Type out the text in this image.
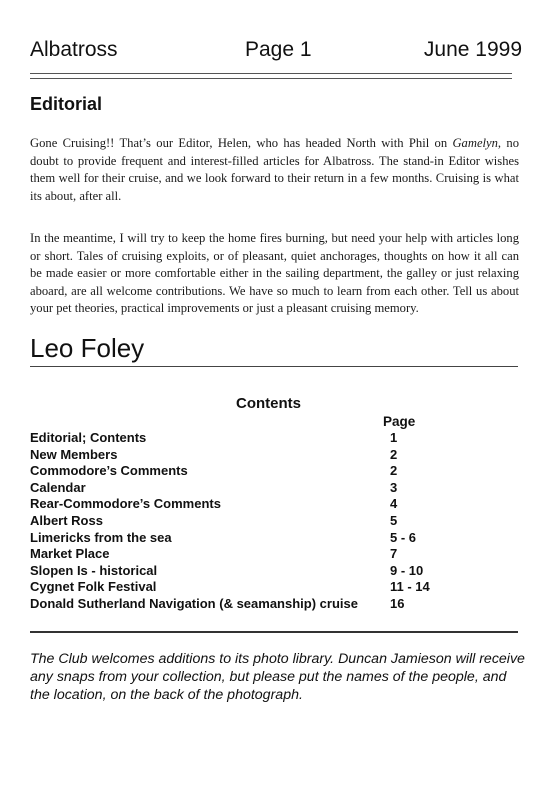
Albatross	Page 1	June 1999
Editorial
Gone Cruising!! That’s our Editor, Helen, who has headed North with Phil on Gamelyn, no doubt to provide frequent and interest-filled articles for Albatross. The stand-in Editor wishes them well for their cruise, and we look forward to their return in a few months. Cruising is what its about, after all.
In the meantime, I will try to keep the home fires burning, but need your help with articles long or short. Tales of cruising exploits, or of pleasant, quiet anchorages, thoughts on how it all can be made easier or more comfortable either in the sailing department, the galley or just relaxing aboard, are all welcome contributions. We have so much to learn from each other. Tell us about your pet theories, practical improvements or just a pleasant cruising memory.
Leo Foley
Contents
Page
Editorial; Contents	1
New Members	2
Commodore’s Comments	2
Calendar	3
Rear-Commodore’s Comments	4
Albert Ross	5
Limericks from the sea	5 - 6
Market Place	7
Slopen Is - historical	9 - 10
Cygnet Folk Festival	11 - 14
Donald Sutherland Navigation (& seamanship) cruise 16
The Club welcomes additions to its photo library. Duncan Jamieson will receive any snaps from your collection, but please put the names of the people, and the location, on the back of the photograph.
